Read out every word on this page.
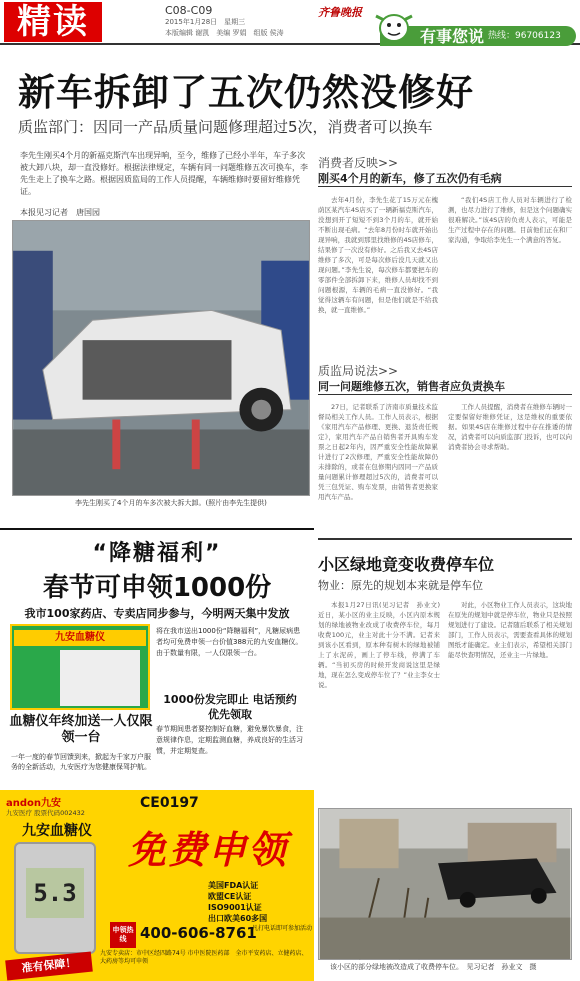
精读	C08-C09
2015年1月28日　星期三
本版编辑 谢凯　美编 罗娟　组版 侯涛
齐鲁晚报
有事您说 热线：96706123
新车拆卸了五次仍然没修好
质监部门：因同一产品质量问题修理超过5次，消费者可以换车
李先生刚买4个月的新福克斯汽车出现异响，至今，维修了已经小半年，车子多次被大卸八块，却一直没修好。根据法律规定，车辆有同一问题维修五次可换车，李先生走上了换车之路。根据因质监局的工作人员提醒，车辆维修时要留好维修凭证。
本报见习记者　唐国园
李先生刚买了4个月的车多次被大拆大卸。(照片由李先生提供)
消费者反映>>
刚买4个月的新车，修了五次仍有毛病

去年4月份，李先生花了15万元在槐荫区某汽车4S店买了一辆新福克斯汽车，没想到开了短短不到3个月的车，就开始不断出现毛病。“去年8月份时车就开始出现异响，我就到那里找维修的4S店修车，结果修了一次没有修好。之后我又去4S店维修了多次，可是每次修后没几天就又出现问题。”李先生说，每次修车都要把车的零部件全部拆卸下来，维修人员却找不到问题根源，车辆的毛病一直没修好。“我觉得这辆车有问题，但是他们就是不给我换，就一直维修。”

“我们4S店工作人员对车辆进行了检测，也尽力进行了维修，但是这个问题确实很难解决。”该4S店的负责人表示，可能是生产过程中存在的问题。目前他们正在和厂家沟通，争取给李先生一个满意的答复。

质监局说法>>
同一问题维修五次，销售者应负责换车

27日，记者联系了济南市质量技术监督局相关工作人员。工作人员表示，根据《家用汽车产品修理、更换、退货责任规定》，家用汽车产品自销售者开具购车发票之日起2年内，因严重安全性能故障累计进行了2次修理，严重安全性能故障仍未排除的，或者在包修期内因同一产品质量问题累计修理超过5次的，消费者可以凭三包凭证、购车发票，由销售者更换家用汽车产品。

工作人员提醒，消费者在维修车辆时一定要保留好维修凭证，这是维权的重要依据。如果4S店在维修过程中存在推诿的情况，消费者可以向质监部门投诉，也可以向消费者协会寻求帮助。

小区绿地竟变收费停车位
物业：原先的规划本来就是停车位

本报1月27日讯(见习记者　孙业文)　近日，某小区的业主反映，小区内原本规划的绿地被物业改成了收费停车位，每月收费100元，业主对此十分不满。记者来到该小区看到，原本种有树木的绿地被铺上了水泥砖，画上了停车线，停满了车辆。“当初买房的时候开发商说这里是绿地，现在怎么变成停车位了？”业主李女士说。

对此，小区物业工作人员表示，这块地在原先的规划中就是停车位，物业只是按照规划进行了建设。记者随后联系了相关规划部门，工作人员表示，需要查看具体的规划图纸才能确定。业主们表示，希望相关部门能尽快查明情况，还业主一片绿地。

该小区的部分绿地被改造成了收费停车位。　见习记者　孙业文　摄
“降糖福利”
春节可申领1000份
我市100家药店、专卖店同步参与，今明两天集中发放
九安血糖仪
将在我市送出1000份“降糖福利”，凡糖尿病患者均可免费申领一台价值388元的九安血糖仪。由于数量有限，一人仅限领一台。
1000份发完即止 电话预约优先领取
春节期间患者要控制好血糖，避免暴饮暴食，注意规律作息，定期监测血糖，养成良好的生活习惯，并定期复查。
血糖仪年终加送一人仅限领一台
一年一度的春节回馈到来，掀起为千家万户服务的全新活动，九安医疗为您健康保驾护航。
andon九安
九安医疗 股票代码002432
九安血糖仪
CE0197
免费申领
5.3	美国FDA认证
欧盟CE认证
ISO9001认证
出口欧美60多国
申领热线 400-606-8761
凡打电话即可参加活动
九安专卖店：市中区经四路74号 市中医院医药部　全市平安药店、立健药店、大药房等均可申领
准有保障！
